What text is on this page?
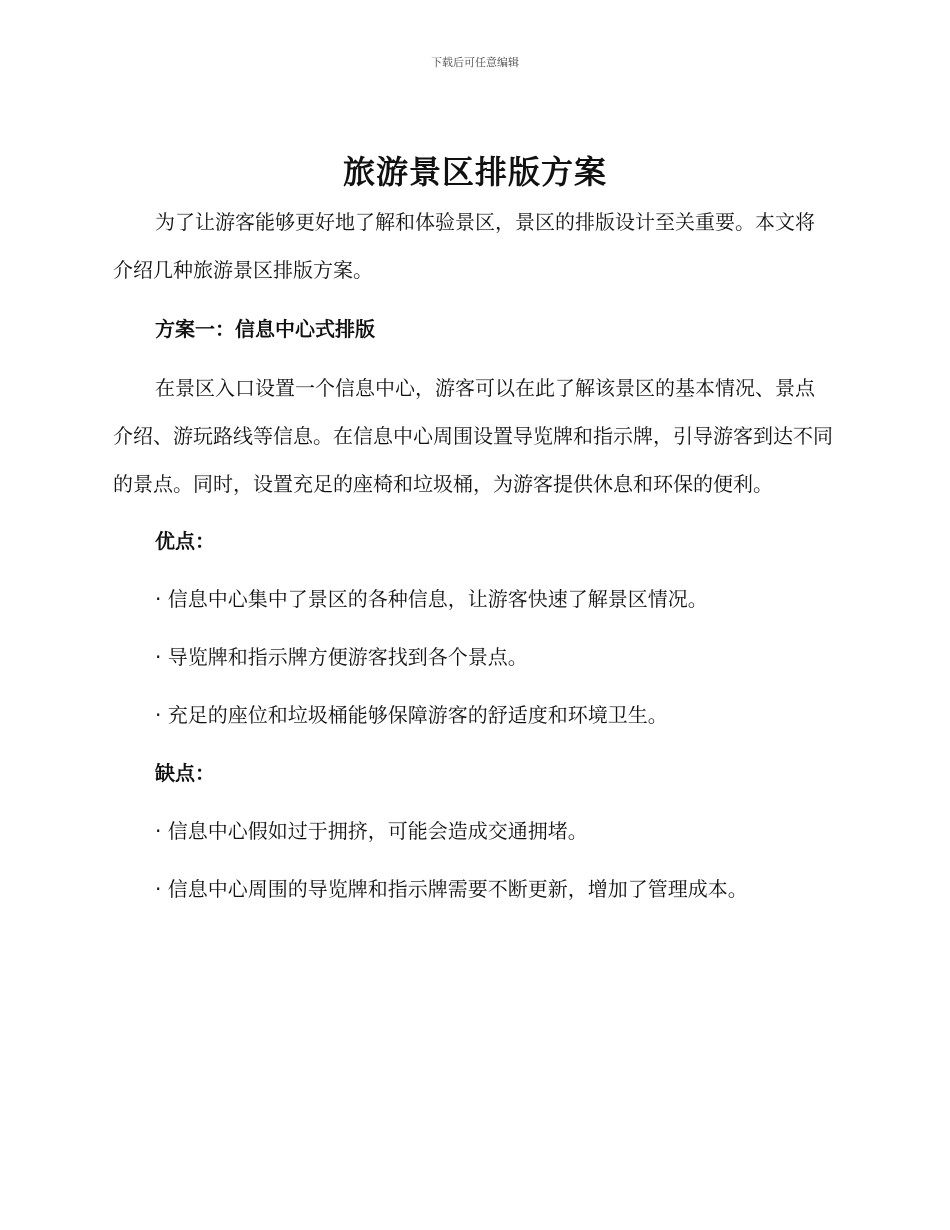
下载后可任意编辑
旅游景区排版方案

为了让游客能够更好地了解和体验景区，景区的排版设计至关重要。本文将介绍几种旅游景区排版方案。

方案一：信息中心式排版

在景区入口设置一个信息中心，游客可以在此了解该景区的基本情况、景点介绍、游玩路线等信息。在信息中心周围设置导览牌和指示牌，引导游客到达不同的景点。同时，设置充足的座椅和垃圾桶，为游客提供休息和环保的便利。

优点：
· 信息中心集中了景区的各种信息，让游客快速了解景区情况。
· 导览牌和指示牌方便游客找到各个景点。
· 充足的座位和垃圾桶能够保障游客的舒适度和环境卫生。
缺点：
· 信息中心假如过于拥挤，可能会造成交通拥堵。
· 信息中心周围的导览牌和指示牌需要不断更新，增加了管理成本。
